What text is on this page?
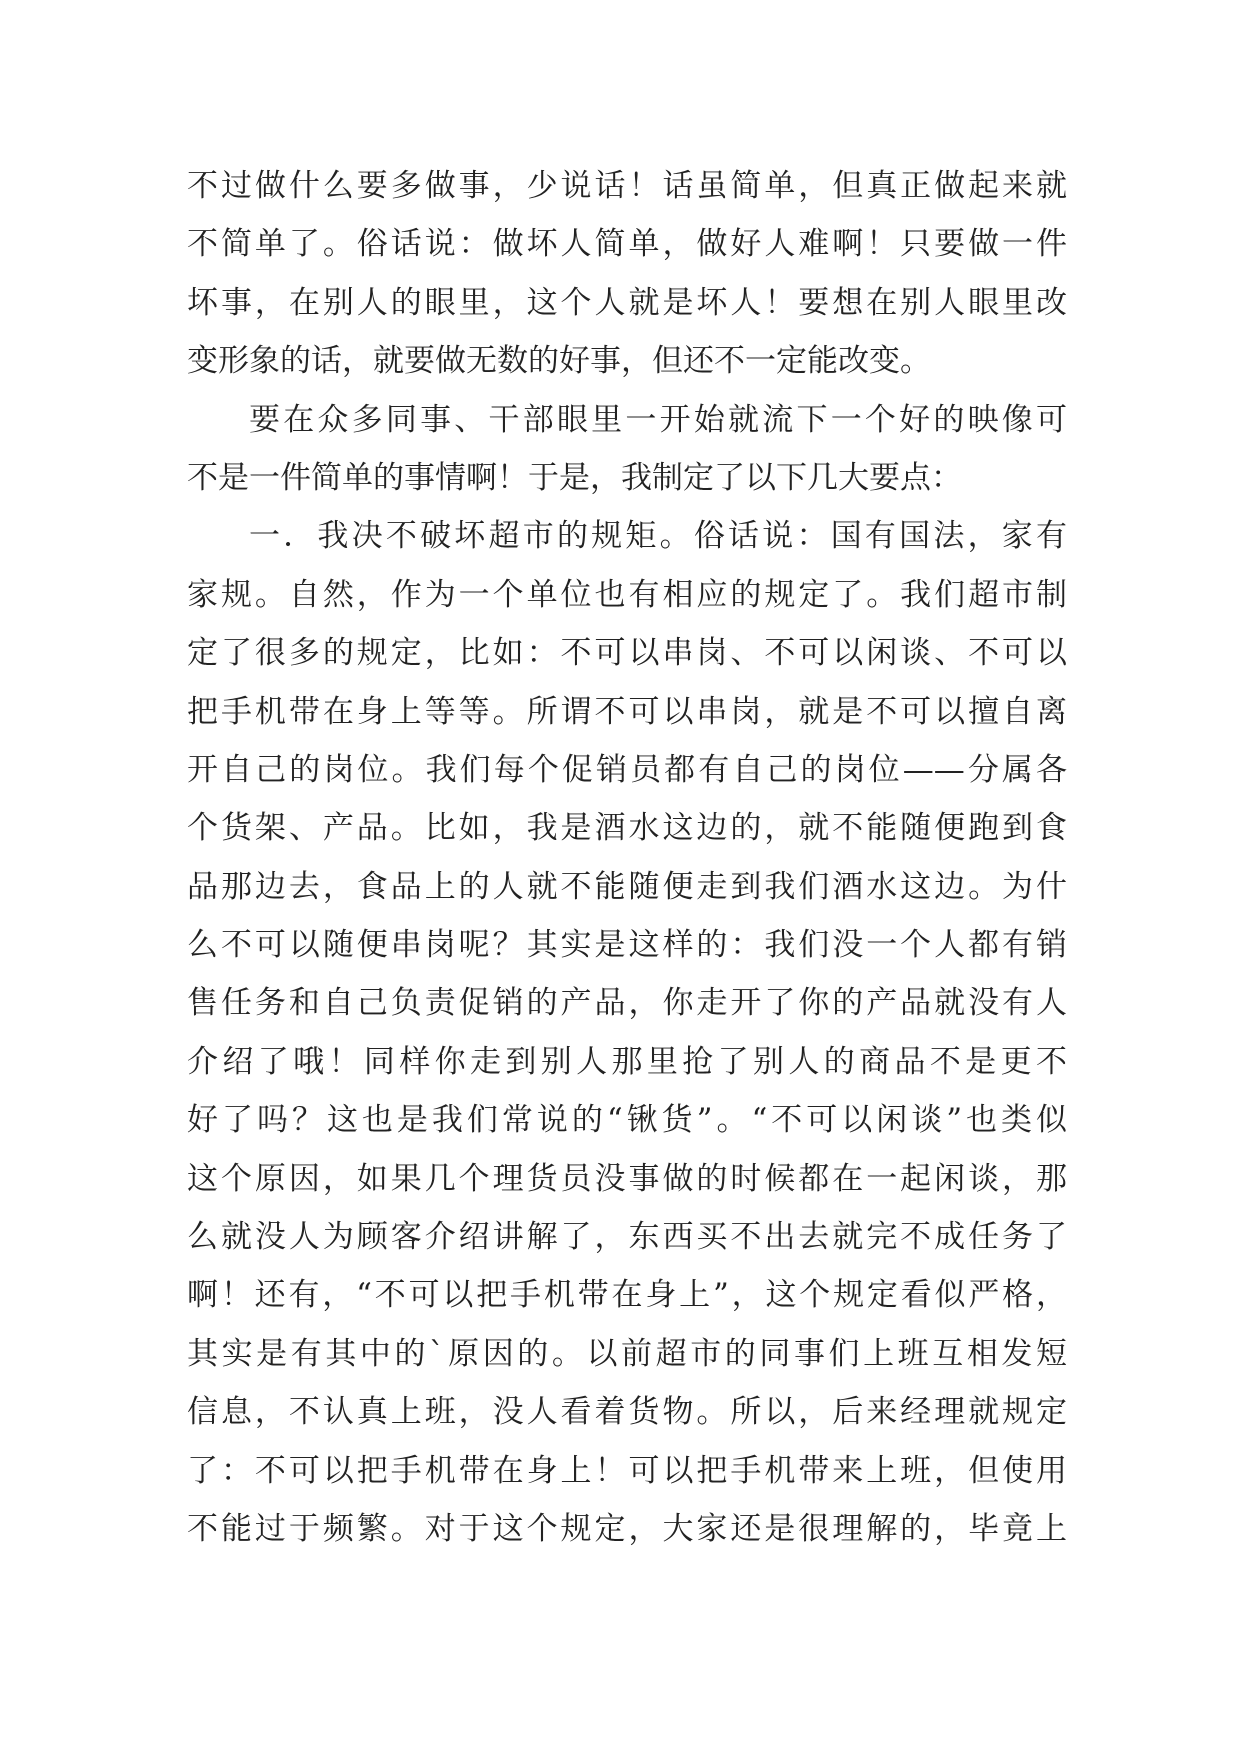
不过做什么要多做事，少说话！话虽简单，但真正做起来就
不简单了。俗话说：做坏人简单，做好人难啊！只要做一件
坏事，在别人的眼里，这个人就是坏人！要想在别人眼里改
变形象的话，就要做无数的好事，但还不一定能改变。
要在众多同事、干部眼里一开始就流下一个好的映像可
不是一件简单的事情啊！于是，我制定了以下几大要点：
一．我决不破坏超市的规矩。俗话说：国有国法，家有
家规。自然，作为一个单位也有相应的规定了。我们超市制
定了很多的规定，比如：不可以串岗、不可以闲谈、不可以
把手机带在身上等等。所谓不可以串岗，就是不可以擅自离
开自己的岗位。我们每个促销员都有自己的岗位——分属各
个货架、产品。比如，我是酒水这边的，就不能随便跑到食
品那边去，食品上的人就不能随便走到我们酒水这边。为什
么不可以随便串岗呢？其实是这样的：我们没一个人都有销
售任务和自己负责促销的产品，你走开了你的产品就没有人
介绍了哦！同样你走到别人那里抢了别人的商品不是更不
好了吗？这也是我们常说的“锹货”。“不可以闲谈”也类似
这个原因，如果几个理货员没事做的时候都在一起闲谈，那
么就没人为顾客介绍讲解了，东西买不出去就完不成任务了
啊！还有，“不可以把手机带在身上”，这个规定看似严格，
其实是有其中的`原因的。以前超市的同事们上班互相发短
信息，不认真上班，没人看着货物。所以，后来经理就规定
了：不可以把手机带在身上！可以把手机带来上班，但使用
不能过于频繁。对于这个规定，大家还是很理解的，毕竟上
